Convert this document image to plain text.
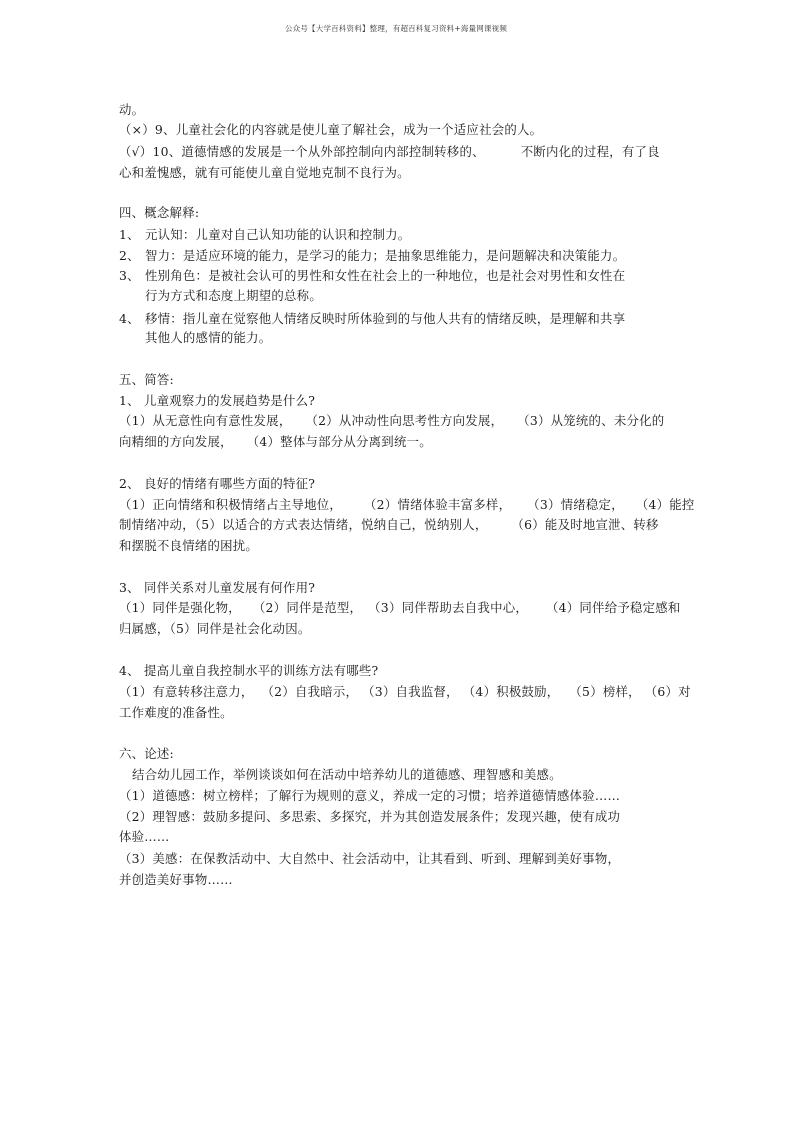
公众号【大学百科资料】整理，有超百科复习资料+海量网课视频
动。
（×）9、儿童社会化的内容就是使儿童了解社会，成为一个适应社会的人。
（√）10、道德情感的发展是一个从外部控制向内部控制转移的、	不断内化的过程，有了良
心和羞愧感，就有可能使儿童自觉地克制不良行为。
四、概念解释:
1、 元认知：儿童对自己认知功能的认识和控制力。
2、 智力：是适应环境的能力，是学习的能力；是抽象思维能力，是问题解决和决策能力。
3、 性别角色：是被社会认可的男性和女性在社会上的一种地位，也是社会对男性和女性在
行为方式和态度上期望的总称。
4、 移情：指儿童在觉察他人情绪反映时所体验到的与他人共有的情绪反映，是理解和共享
其他人的感情的能力。
五、简答:
1、 儿童观察力的发展趋势是什么?
（1）从无意性向有意性发展， （2）从冲动性向思考性方向发展， （3）从笼统的、未分化的
向精细的方向发展， （4）整体与部分从分离到统一。
2、 良好的情绪有哪些方面的特征?
（1）正向情绪和积极情绪占主导地位， （2）情绪体验丰富多样， （3）情绪稳定， （4）能控
制情绪冲动，（5）以适合的方式表达情绪，悦纳自己，悦纳别人， （6）能及时地宣泄、转移
和摆脱不良情绪的困扰。
3、 同伴关系对儿童发展有何作用?
（1）同伴是强化物， （2）同伴是范型， （3）同伴帮助去自我中心， （4）同伴给予稳定感和
归属感，（5）同伴是社会化动因。
4、 提高儿童自我控制水平的训练方法有哪些?
（1）有意转移注意力， （2）自我暗示， （3）自我监督， （4）积极鼓励， （5）榜样， （6）对
工作难度的准备性。
六、论述:
结合幼儿园工作，举例谈谈如何在活动中培养幼儿的道德感、理智感和美感。
（1）道德感：树立榜样；了解行为规则的意义，养成一定的习惯；培养道德情感体验……
（2）理智感：鼓励多提问、多思索、多探究，并为其创造发展条件；发现兴趣，使有成功
体验……
（3）美感：在保教活动中、大自然中、社会活动中，让其看到、听到、理解到美好事物，
并创造美好事物……
